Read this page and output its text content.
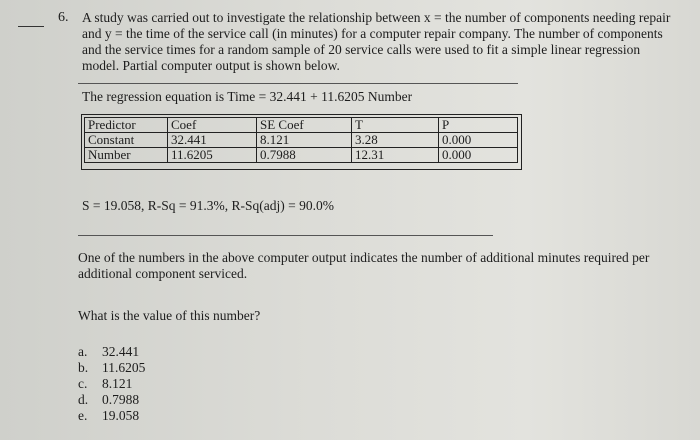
6. A study was carried out to investigate the relationship between x = the number of components needing repair
and y = the time of the service call (in minutes) for a computer repair company. The number of components
and the service times for a random sample of 20 service calls were used to fit a simple linear regression
model. Partial computer output is shown below.
The regression equation is Time = 32.441 + 11.6205 Number
Predictor	Coef	SE Coef	T	P
Constant	32.441	8.121	3.28	0.000
Number	11.6205	0.7988	12.31	0.000
S = 19.058, R-Sq = 91.3%, R-Sq(adj) = 90.0%
One of the numbers in the above computer output indicates the number of additional minutes required per
additional component serviced.
What is the value of this number?
a. 32.441
b. 11.6205
c. 8.121
d. 0.7988
e. 19.058
